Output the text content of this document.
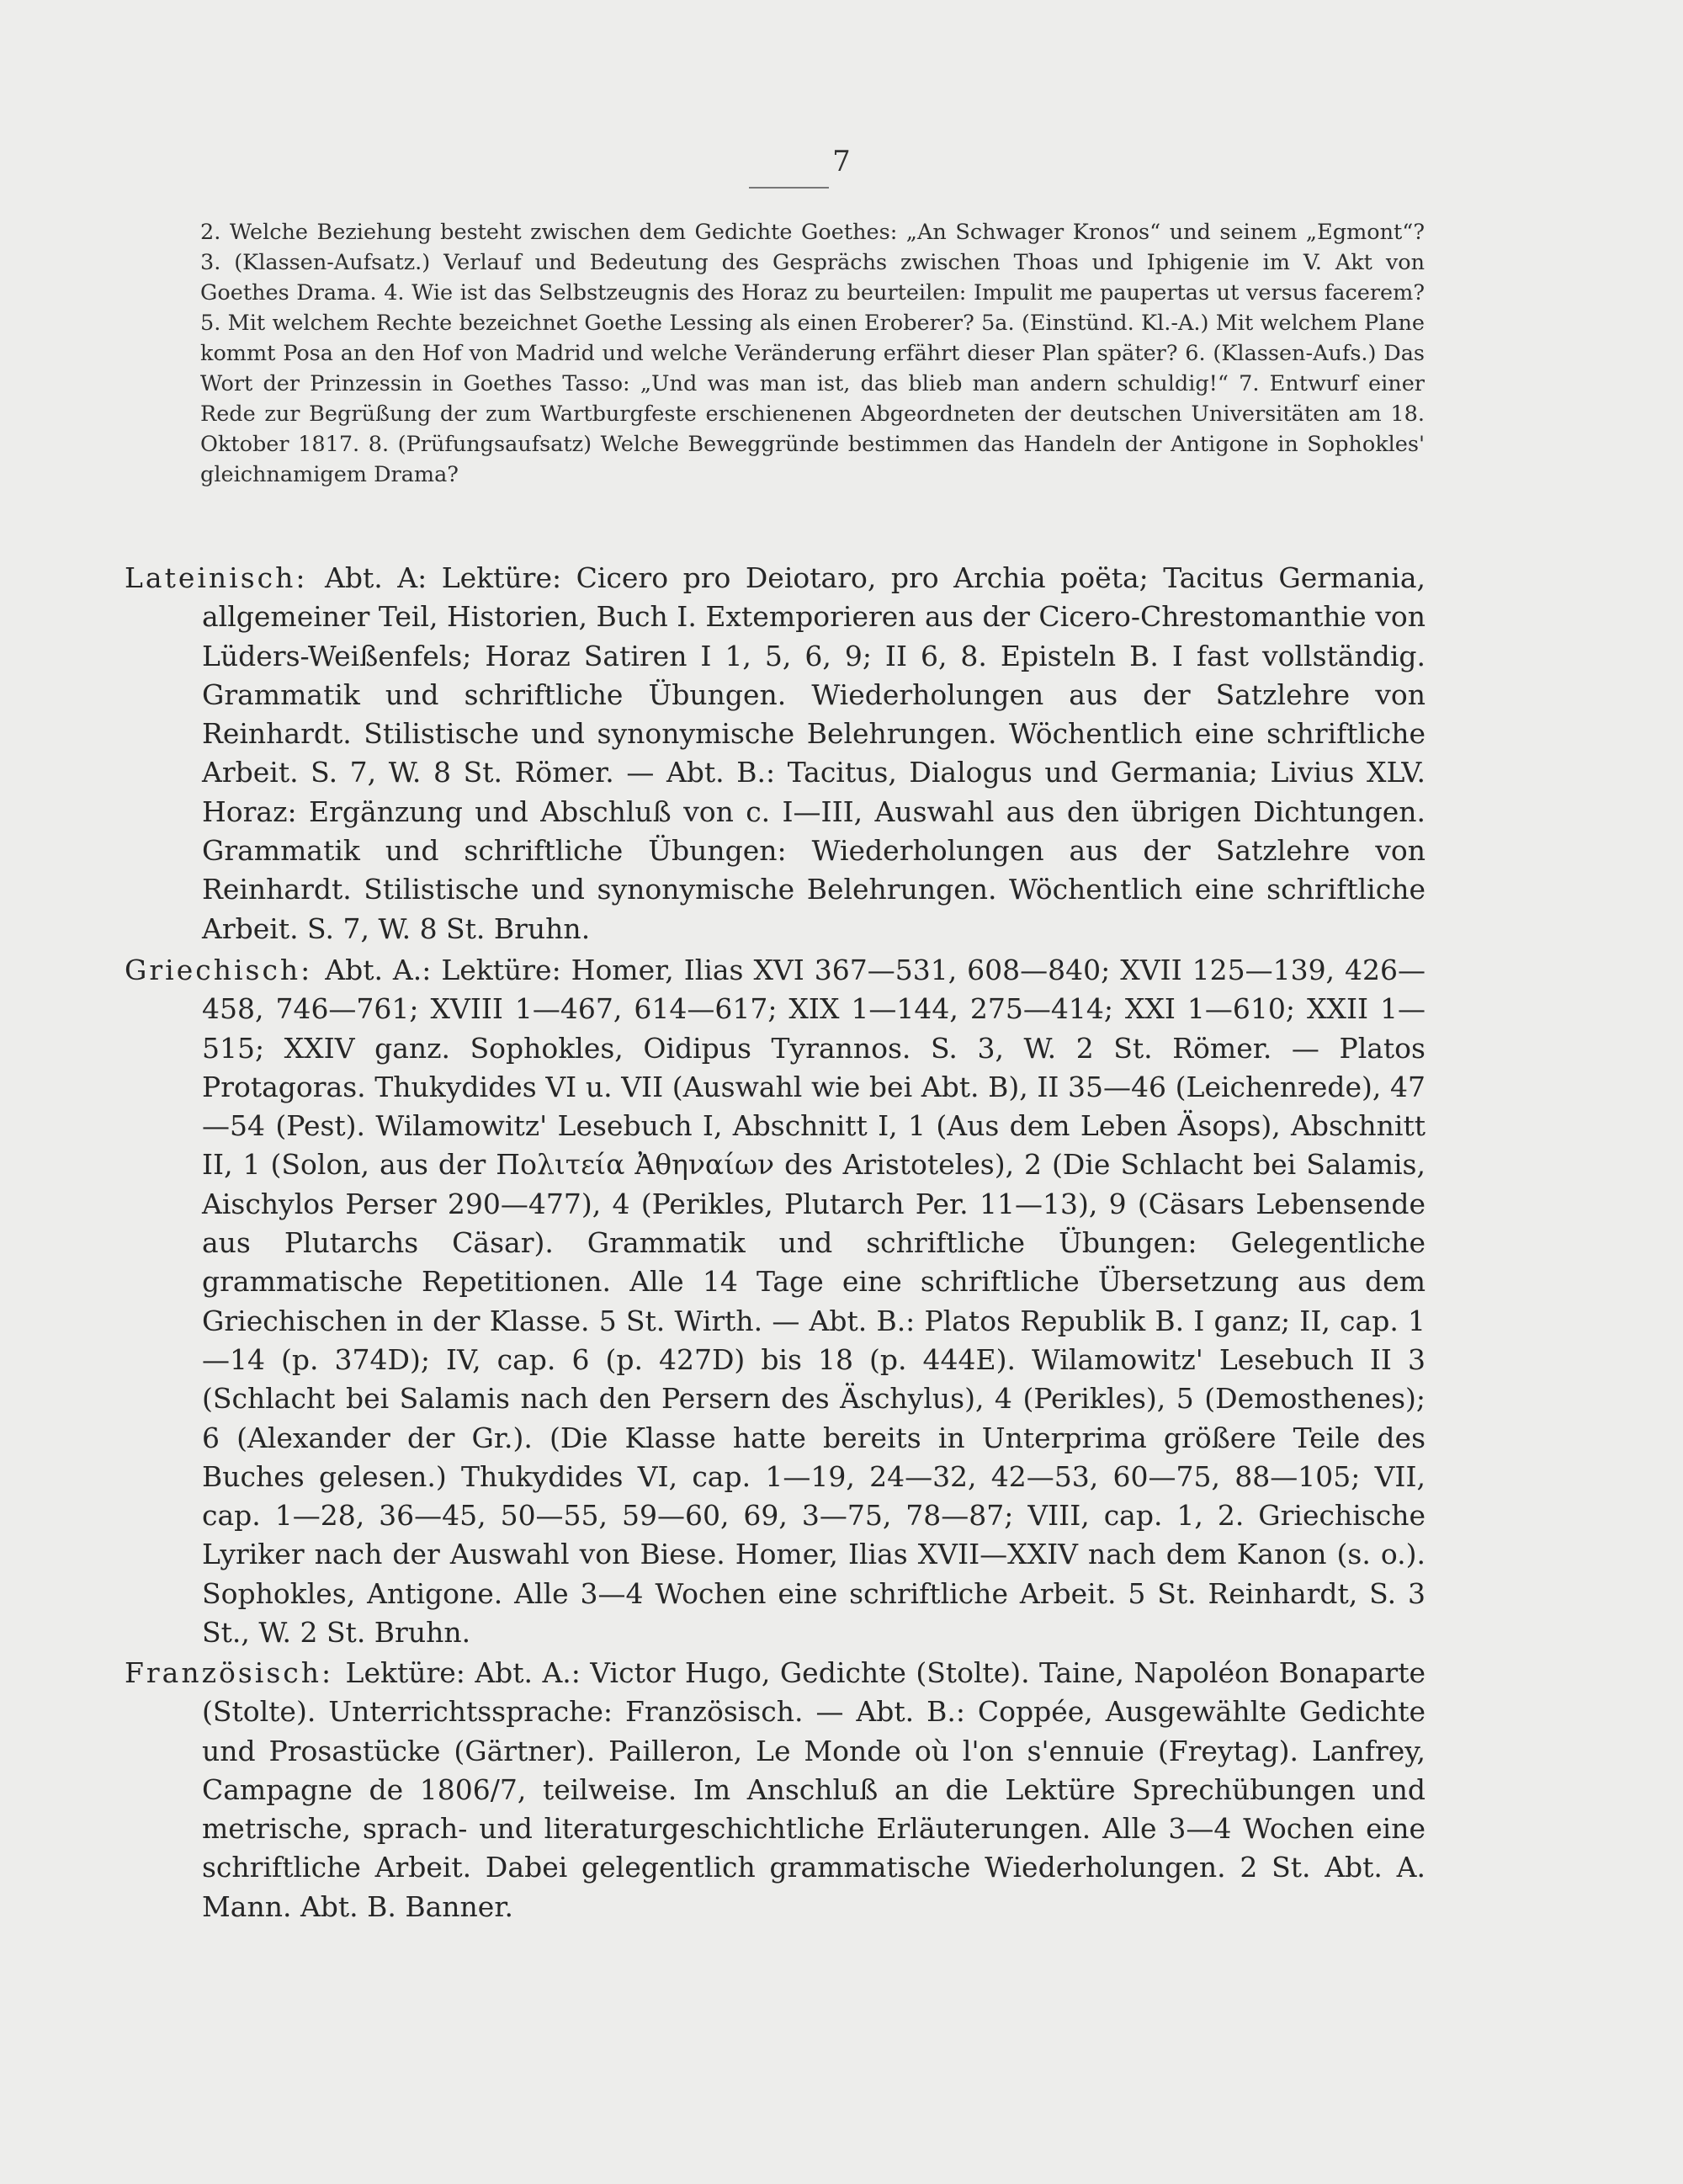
7
2. Welche Beziehung besteht zwischen dem Gedichte Goethes: „An Schwager Kronos“ und seinem „Egmont“? 3. (Klassen-Aufsatz.) Verlauf und Bedeutung des Gesprächs zwischen Thoas und Iphigenie im V. Akt von Goethes Drama. 4. Wie ist das Selbstzeugnis des Horaz zu beurteilen: Impulit me paupertas ut versus facerem? 5. Mit welchem Rechte bezeichnet Goethe Lessing als einen Eroberer? 5a. (Einstünd. Kl.-A.) Mit welchem Plane kommt Posa an den Hof von Madrid und welche Veränderung erfährt dieser Plan später? 6. (Klassen-Aufs.) Das Wort der Prinzessin in Goethes Tasso: „Und was man ist, das blieb man andern schuldig!“ 7. Entwurf einer Rede zur Begrüßung der zum Wartburgfeste erschienenen Abgeordneten der deutschen Universitäten am 18. Oktober 1817. 8. (Prüfungsaufsatz) Welche Beweggründe bestimmen das Handeln der Antigone in Sophokles' gleichnamigem Drama?
Lateinisch: Abt. A: Lektüre: Cicero pro Deiotaro, pro Archia poëta; Tacitus Germania, allgemeiner Teil, Historien, Buch I. Extemporieren aus der Cicero-Chrestomanthie von Lüders-Weißenfels; Horaz Satiren I 1, 5, 6, 9; II 6, 8. Episteln B. I fast vollständig. Grammatik und schriftliche Übungen. Wiederholungen aus der Satzlehre von Reinhardt. Stilistische und synonymische Belehrungen. Wöchentlich eine schriftliche Arbeit. S. 7, W. 8 St. Römer. — Abt. B.: Tacitus, Dialogus und Germania; Livius XLV. Horaz: Ergänzung und Abschluß von c. I—III, Auswahl aus den übrigen Dichtungen. Grammatik und schriftliche Übungen: Wiederholungen aus der Satzlehre von Reinhardt. Stilistische und synonymische Belehrungen. Wöchentlich eine schriftliche Arbeit. S. 7, W. 8 St. Bruhn.
Griechisch: Abt. A.: Lektüre: Homer, Ilias XVI 367—531, 608—840; XVII 125—139, 426—458, 746—761; XVIII 1—467, 614—617; XIX 1—144, 275—414; XXI 1—610; XXII 1—515; XXIV ganz. Sophokles, Oidipus Tyrannos. S. 3, W. 2 St. Römer. — Platos Protagoras. Thukydides VI u. VII (Auswahl wie bei Abt. B), II 35—46 (Leichenrede), 47—54 (Pest). Wilamowitz' Lesebuch I, Abschnitt I, 1 (Aus dem Leben Äsops), Abschnitt II, 1 (Solon, aus der Πολιτεία Ἀθηναίων des Aristoteles), 2 (Die Schlacht bei Salamis, Aischylos Perser 290—477), 4 (Perikles, Plutarch Per. 11—13), 9 (Cäsars Lebensende aus Plutarchs Cäsar). Grammatik und schriftliche Übungen: Gelegentliche grammatische Repetitionen. Alle 14 Tage eine schriftliche Übersetzung aus dem Griechischen in der Klasse. 5 St. Wirth. — Abt. B.: Platos Republik B. I ganz; II, cap. 1—14 (p. 374D); IV, cap. 6 (p. 427D) bis 18 (p. 444E). Wilamowitz' Lesebuch II 3 (Schlacht bei Salamis nach den Persern des Äschylus), 4 (Perikles), 5 (Demosthenes); 6 (Alexander der Gr.). (Die Klasse hatte bereits in Unterprima größere Teile des Buches gelesen.) Thukydides VI, cap. 1—19, 24—32, 42—53, 60—75, 88—105; VII, cap. 1—28, 36—45, 50—55, 59—60, 69, 3—75, 78—87; VIII, cap. 1, 2. Griechische Lyriker nach der Auswahl von Biese. Homer, Ilias XVII—XXIV nach dem Kanon (s. o.). Sophokles, Antigone. Alle 3—4 Wochen eine schriftliche Arbeit. 5 St. Reinhardt, S. 3 St., W. 2 St. Bruhn.
Französisch: Lektüre: Abt. A.: Victor Hugo, Gedichte (Stolte). Taine, Napoléon Bonaparte (Stolte). Unterrichtssprache: Französisch. — Abt. B.: Coppée, Ausgewählte Gedichte und Prosastücke (Gärtner). Pailleron, Le Monde où l'on s'ennuie (Freytag). Lanfrey, Campagne de 1806/7, teilweise. Im Anschluß an die Lektüre Sprechübungen und metrische, sprach- und literaturgeschichtliche Erläuterungen. Alle 3—4 Wochen eine schriftliche Arbeit. Dabei gelegentlich grammatische Wiederholungen. 2 St. Abt. A. Mann. Abt. B. Banner.
